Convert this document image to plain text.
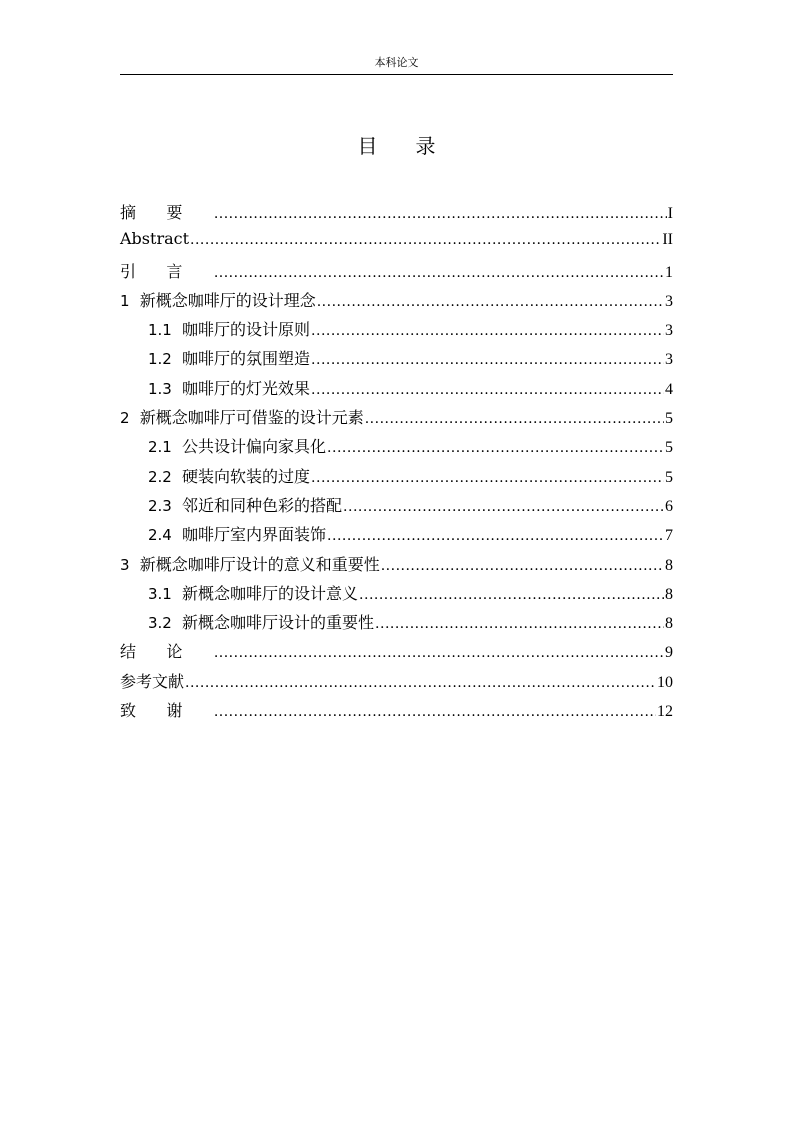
本科论文
目录
摘要 .....	I
Abstract .....	II
引言 .....	1
1 新概念咖啡厅的设计理念 .....	3
1.1 咖啡厅的设计原则 .....	3
1.2 咖啡厅的氛围塑造 .....	3
1.3 咖啡厅的灯光效果 .....	4
2 新概念咖啡厅可借鉴的设计元素 .....	5
2.1 公共设计偏向家具化 .....	5
2.2 硬装向软装的过度 .....	5
2.3 邻近和同种色彩的搭配 .....	6
2.4 咖啡厅室内界面装饰 .....	7
3 新概念咖啡厅设计的意义和重要性 .....	8
3.1 新概念咖啡厅的设计意义 .....	8
3.2 新概念咖啡厅设计的重要性 .....	8
结论 .....	9
参考文献 .....	10
致谢 .....	12
